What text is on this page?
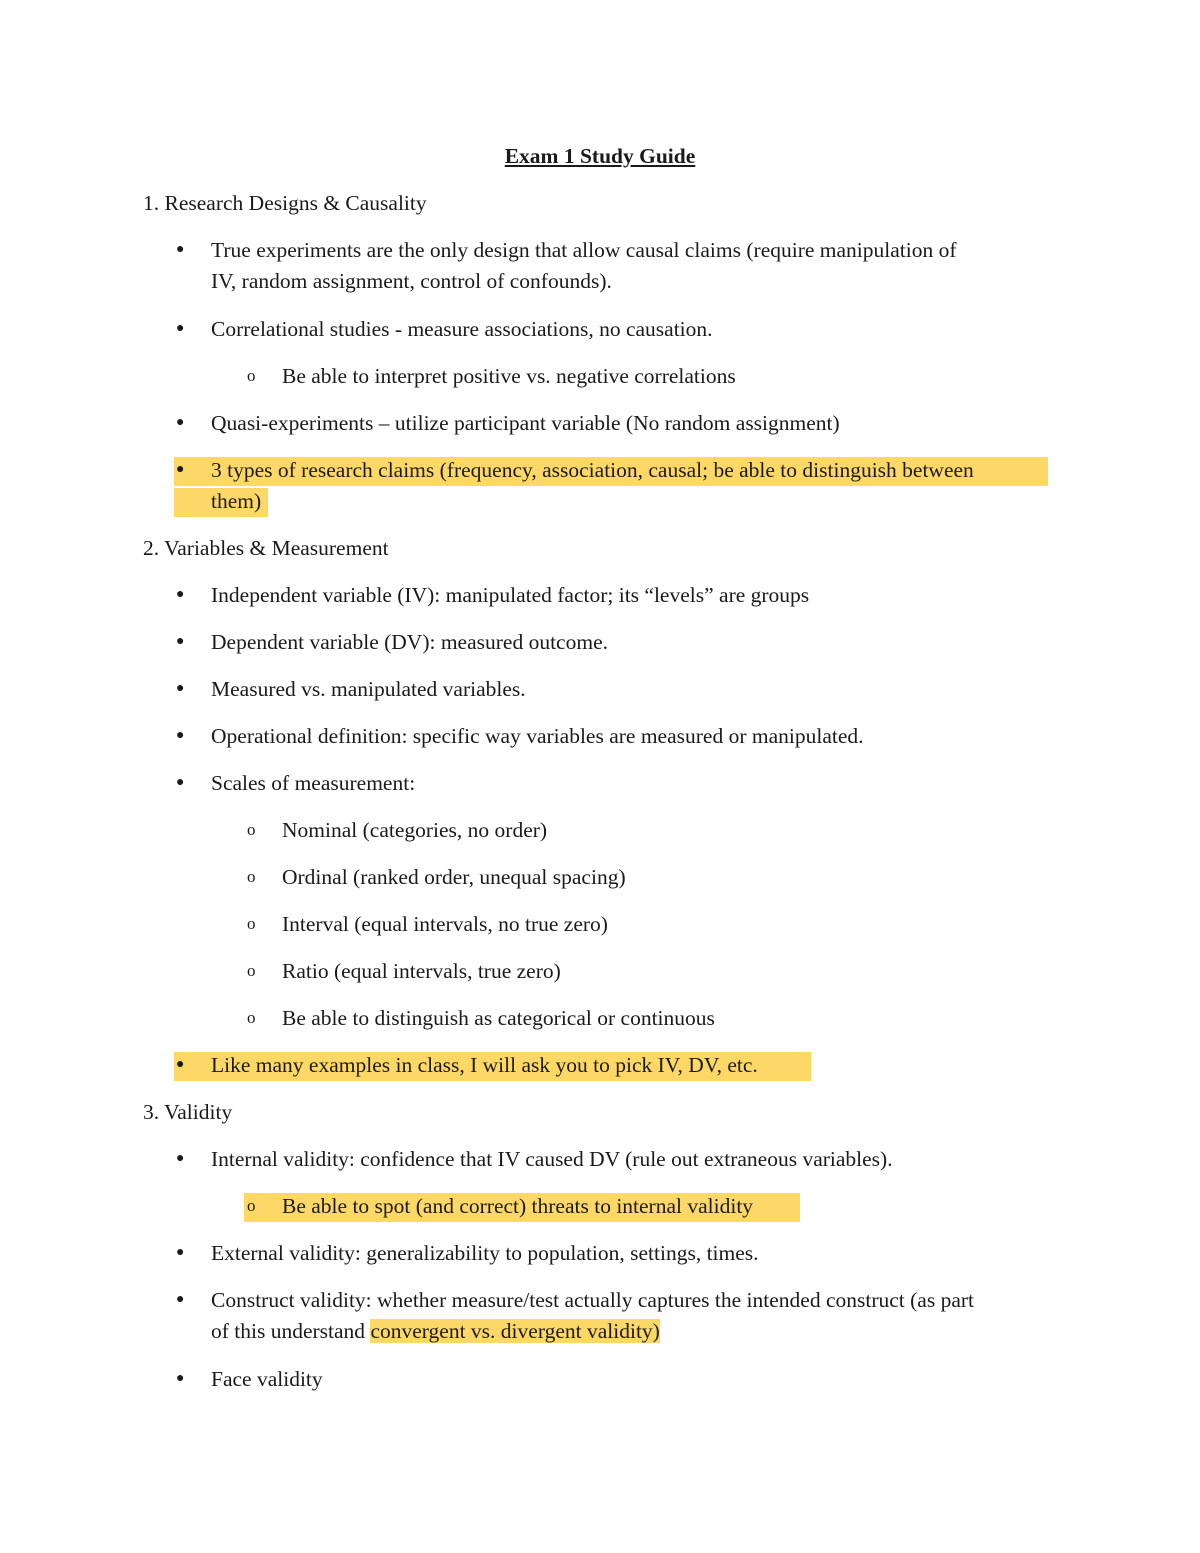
Exam 1 Study Guide
1. Research Designs & Causality
● True experiments are the only design that allow causal claims (require manipulation of
IV, random assignment, control of confounds).
● Correlational studies - measure associations, no causation.
o Be able to interpret positive vs. negative correlations
● Quasi-experiments – utilize participant variable (No random assignment)
● 3 types of research claims (frequency, association, causal; be able to distinguish between
them)
2. Variables & Measurement
● Independent variable (IV): manipulated factor; its “levels” are groups
● Dependent variable (DV): measured outcome.
● Measured vs. manipulated variables.
● Operational definition: specific way variables are measured or manipulated.
● Scales of measurement:
o Nominal (categories, no order)
o Ordinal (ranked order, unequal spacing)
o Interval (equal intervals, no true zero)
o Ratio (equal intervals, true zero)
o Be able to distinguish as categorical or continuous
● Like many examples in class, I will ask you to pick IV, DV, etc.
3. Validity
● Internal validity: confidence that IV caused DV (rule out extraneous variables).
o Be able to spot (and correct) threats to internal validity
● External validity: generalizability to population, settings, times.
● Construct validity: whether measure/test actually captures the intended construct (as part
of this understand convergent vs. divergent validity)
● Face validity
